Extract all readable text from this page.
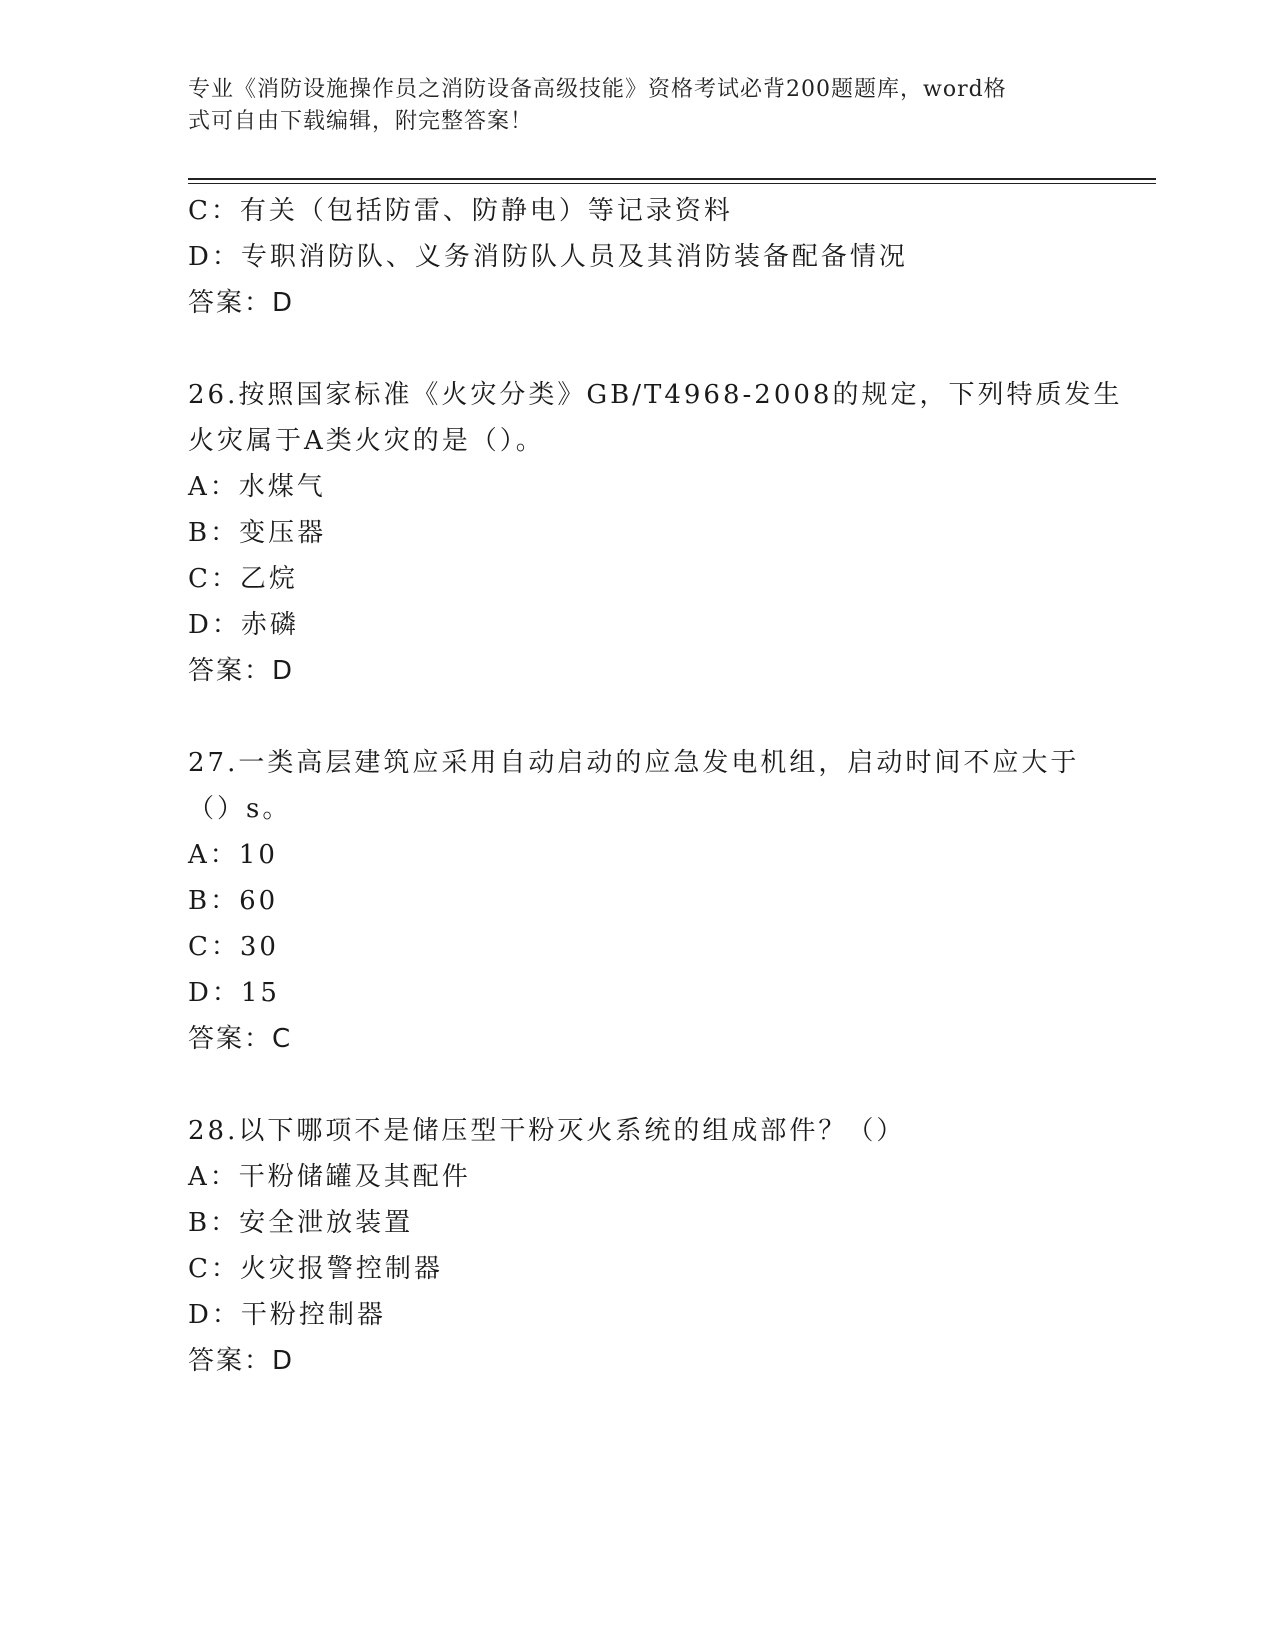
专业《消防设施操作员之消防设备高级技能》资格考试必背200题题库，word格
式可自由下载编辑，附完整答案！
C：有关（包括防雷、防静电）等记录资料
D：专职消防队、义务消防队人员及其消防装备配备情况
答案：D
26.按照国家标准《火灾分类》GB/T4968-2008的规定，下列特质发生
火灾属于A类火灾的是（）。
A：水煤气
B：变压器
C：乙烷
D：赤磷
答案：D
27.一类高层建筑应采用自动启动的应急发电机组，启动时间不应大于
（）s。
A：10
B：60
C：30
D：15
答案：C
28.以下哪项不是储压型干粉灭火系统的组成部件？（）
A：干粉储罐及其配件
B：安全泄放装置
C：火灾报警控制器
D：干粉控制器
答案：D
